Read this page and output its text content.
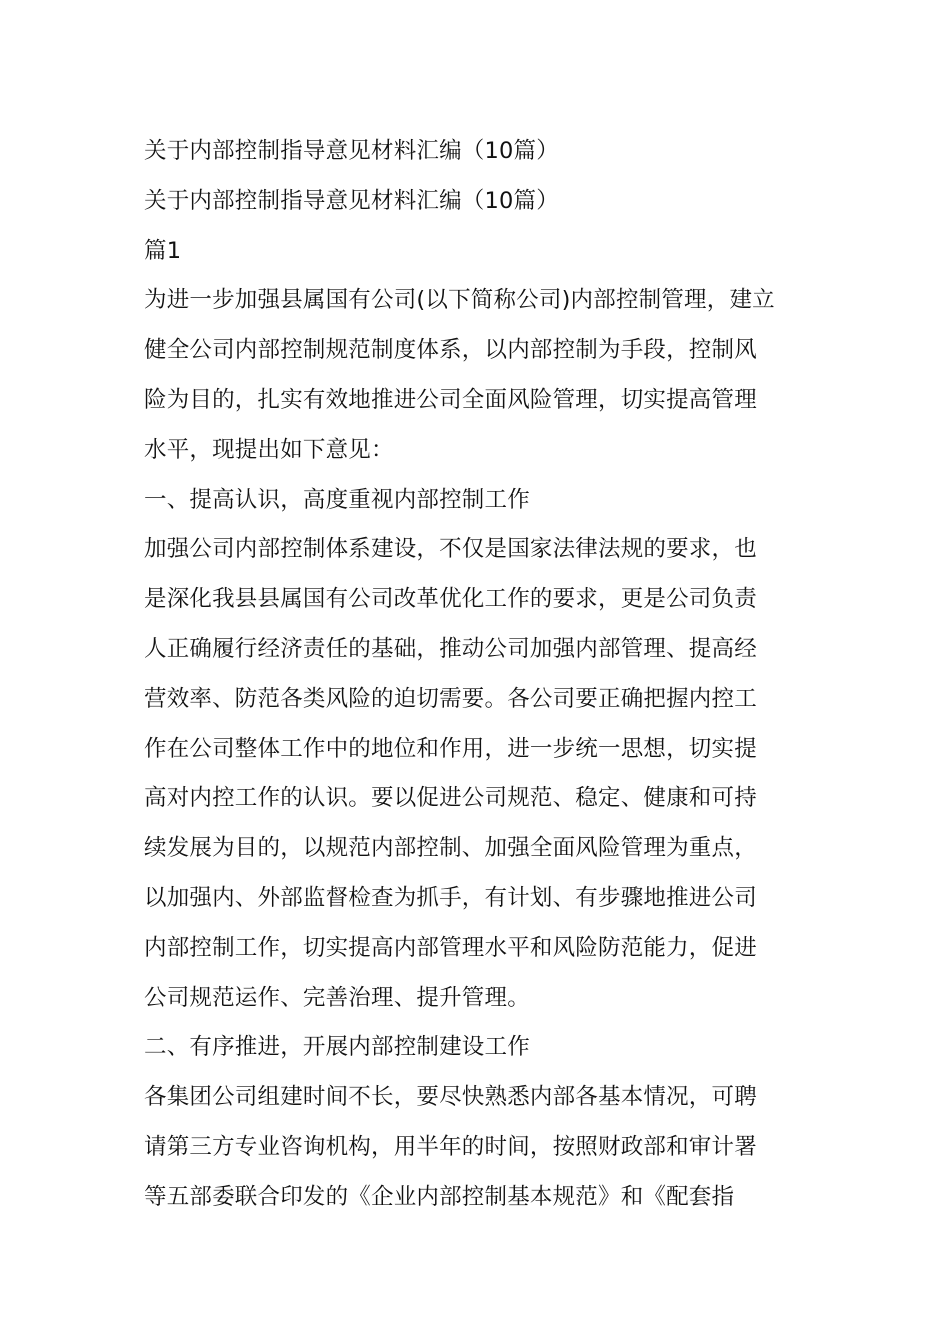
关于内部控制指导意见材料汇编（10篇）
关于内部控制指导意见材料汇编（10篇）
篇1
为进一步加强县属国有公司(以下简称公司)内部控制管理，建立
健全公司内部控制规范制度体系，以内部控制为手段，控制风
险为目的，扎实有效地推进公司全面风险管理，切实提高管理
水平，现提出如下意见：
一、提高认识，高度重视内部控制工作
加强公司内部控制体系建设，不仅是国家法律法规的要求，也
是深化我县县属国有公司改革优化工作的要求，更是公司负责
人正确履行经济责任的基础，推动公司加强内部管理、提高经
营效率、防范各类风险的迫切需要。各公司要正确把握内控工
作在公司整体工作中的地位和作用，进一步统一思想，切实提
高对内控工作的认识。要以促进公司规范、稳定、健康和可持
续发展为目的，以规范内部控制、加强全面风险管理为重点，
以加强内、外部监督检查为抓手，有计划、有步骤地推进公司
内部控制工作，切实提高内部管理水平和风险防范能力，促进
公司规范运作、完善治理、提升管理。
二、有序推进，开展内部控制建设工作
各集团公司组建时间不长，要尽快熟悉内部各基本情况，可聘
请第三方专业咨询机构，用半年的时间，按照财政部和审计署
等五部委联合印发的《企业内部控制基本规范》和《配套指
